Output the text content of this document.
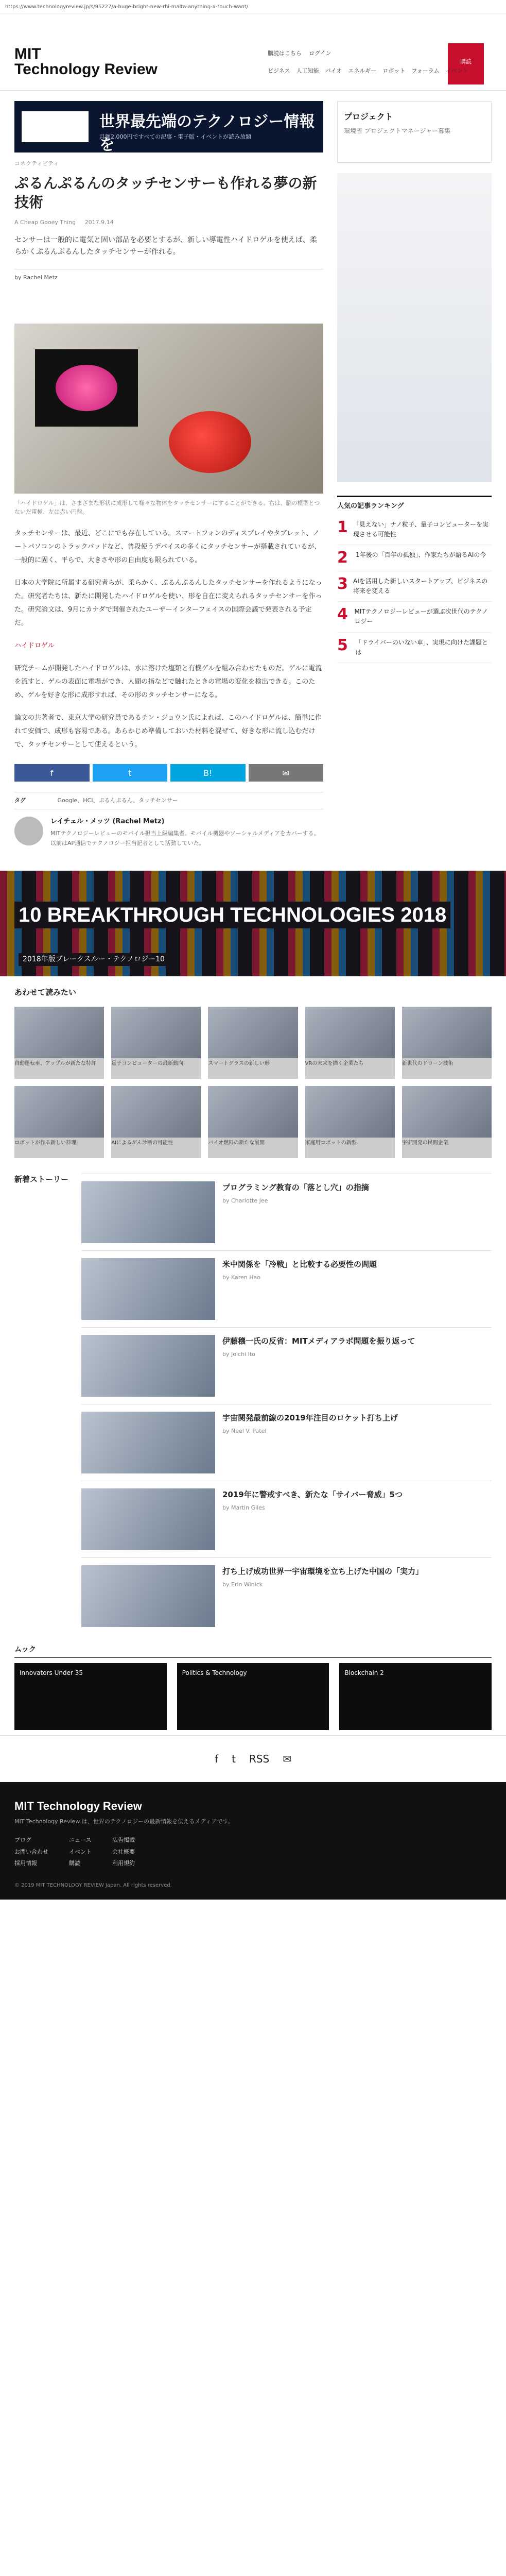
https://www.technologyreview.jp/s/95227/a-huge-bright-new-rhi-malta-anything-a-touch-want/
MIT
Technology Review
購読はこちら ログイン
購読
ビジネス 人工知能 バイオ エネルギー ロボット フォーラム イベント
世界最先端のテクノロジー情報を
月額2,000円ですべての記事・電子版・イベントが読み放題
コネクティビティ
ぷるんぷるんのタッチセンサーも作れる夢の新技術
A Cheap Gooey Thing 2017.9.14

センサーは一般的に電気と固い部品を必要とするが、新しい導電性ハイドロゲルを使えば、柔らかくぷるんぷるんしたタッチセンサーが作れる。

by Rachel Metz

「ハイドロゲル」は、さまざまな形状に成形して様々な物体をタッチセンサーにすることができる。右は、脳の模型とつないだ電極、左は赤い円盤。

タッチセンサーは、最近、どこにでも存在している。スマートフォンのディスプレイやタブレット、ノートパソコンのトラックパッドなど、普段使うデバイスの多くにタッチセンサーが搭載されているが、一般的に固く、平らで、大きさや形の自由度も限られている。

日本の大学院に所属する研究者らが、柔らかく、ぷるんぷるんしたタッチセンサーを作れるようになった。研究者たちは、新たに開発したハイドロゲルを使い、形を自在に変えられるタッチセンサーを作った。研究論文は、9月にカナダで開催されたユーザーインターフェイスの国際会議で発表される予定だ。

ハイドロゲル

研究チームが開発したハイドロゲルは、水に溶けた塩類と有機ゲルを組み合わせたものだ。ゲルに電流を流すと、ゲルの表面に電場ができ、人間の指などで触れたときの電場の変化を検出できる。このため、ゲルを好きな形に成形すれば、その形のタッチセンサーになる。

論文の共著者で、東京大学の研究員であるチン・ジョウン氏によれば、このハイドロゲルは、簡単に作れて安価で、成形も容易である。あらかじめ準備しておいた材料を混ぜて、好きな形に流し込むだけで、タッチセンサーとして使えるという。

f	t	B!	✉
タグ	Google、HCI、ぷるんぷるん、タッチセンサー
レイチェル・メッツ (Rachel Metz)
MITテクノロジーレビューのモバイル担当上級編集者。モバイル機器やソーシャルメディアをカバーする。以前はAP通信でテクノロジー担当記者として活動していた。
プロジェクト
環境省 プロジェクトマネージャー募集
人気の記事ランキング
1 「見えない」ナノ粒子、量子コンピューターを実現させる可能性
2	1年後の「百年の孤独」、作家たちが語るAIの今
3 AIを活用した新しいスタートアップ、ビジネスの将来を変える
4 MITテクノロジーレビューが選ぶ次世代のテクノロジー
5	「ドライバーのいない車」、実現に向けた課題とは
10 BREAKTHROUGH TECHNOLOGIES 2018
2018年版ブレークスルー・テクノロジー10
あわせて読みたい
自動運転車、アップルが新たな特許	量子コンピューターの最新動向	スマートグラスの新しい形	VRの未来を描く企業たち	新世代のドローン技術
ロボットが作る新しい料理	AIによるがん診断の可能性	バイオ燃料の新たな展開	家庭用ロボットの新型	宇宙開発の民間企業
新着ストーリー
プログラミング教育の「落とし穴」の指摘
by Charlotte Jee
米中関係を「冷戦」と比較する必要性の問題
by Karen Hao
伊藤穣一氏の反省：MITメディアラボ問題を振り返って
by Joichi Ito
宇宙関発最前線の2019年注目のロケット打ち上げ
by Neel V. Patel
2019年に警戒すべき、新たな「サイバー脅威」5つ
by Martin Giles
打ち上げ成功世界一宇宙環境を立ち上げた中国の「実力」
by Erin Winick
ムック
Innovators Under 35	Politics & Technology	Blockchain 2
f t RSS ✉
MIT Technology Review
MIT Technology Review は、世界のテクノロジーの最新情報を伝えるメディアです。
ブログ
お問い合わせ
採用情報
ニュース
イベント
購読
広告掲載
会社概要
利用規約
© 2019 MIT TECHNOLOGY REVIEW Japan. All rights reserved.
